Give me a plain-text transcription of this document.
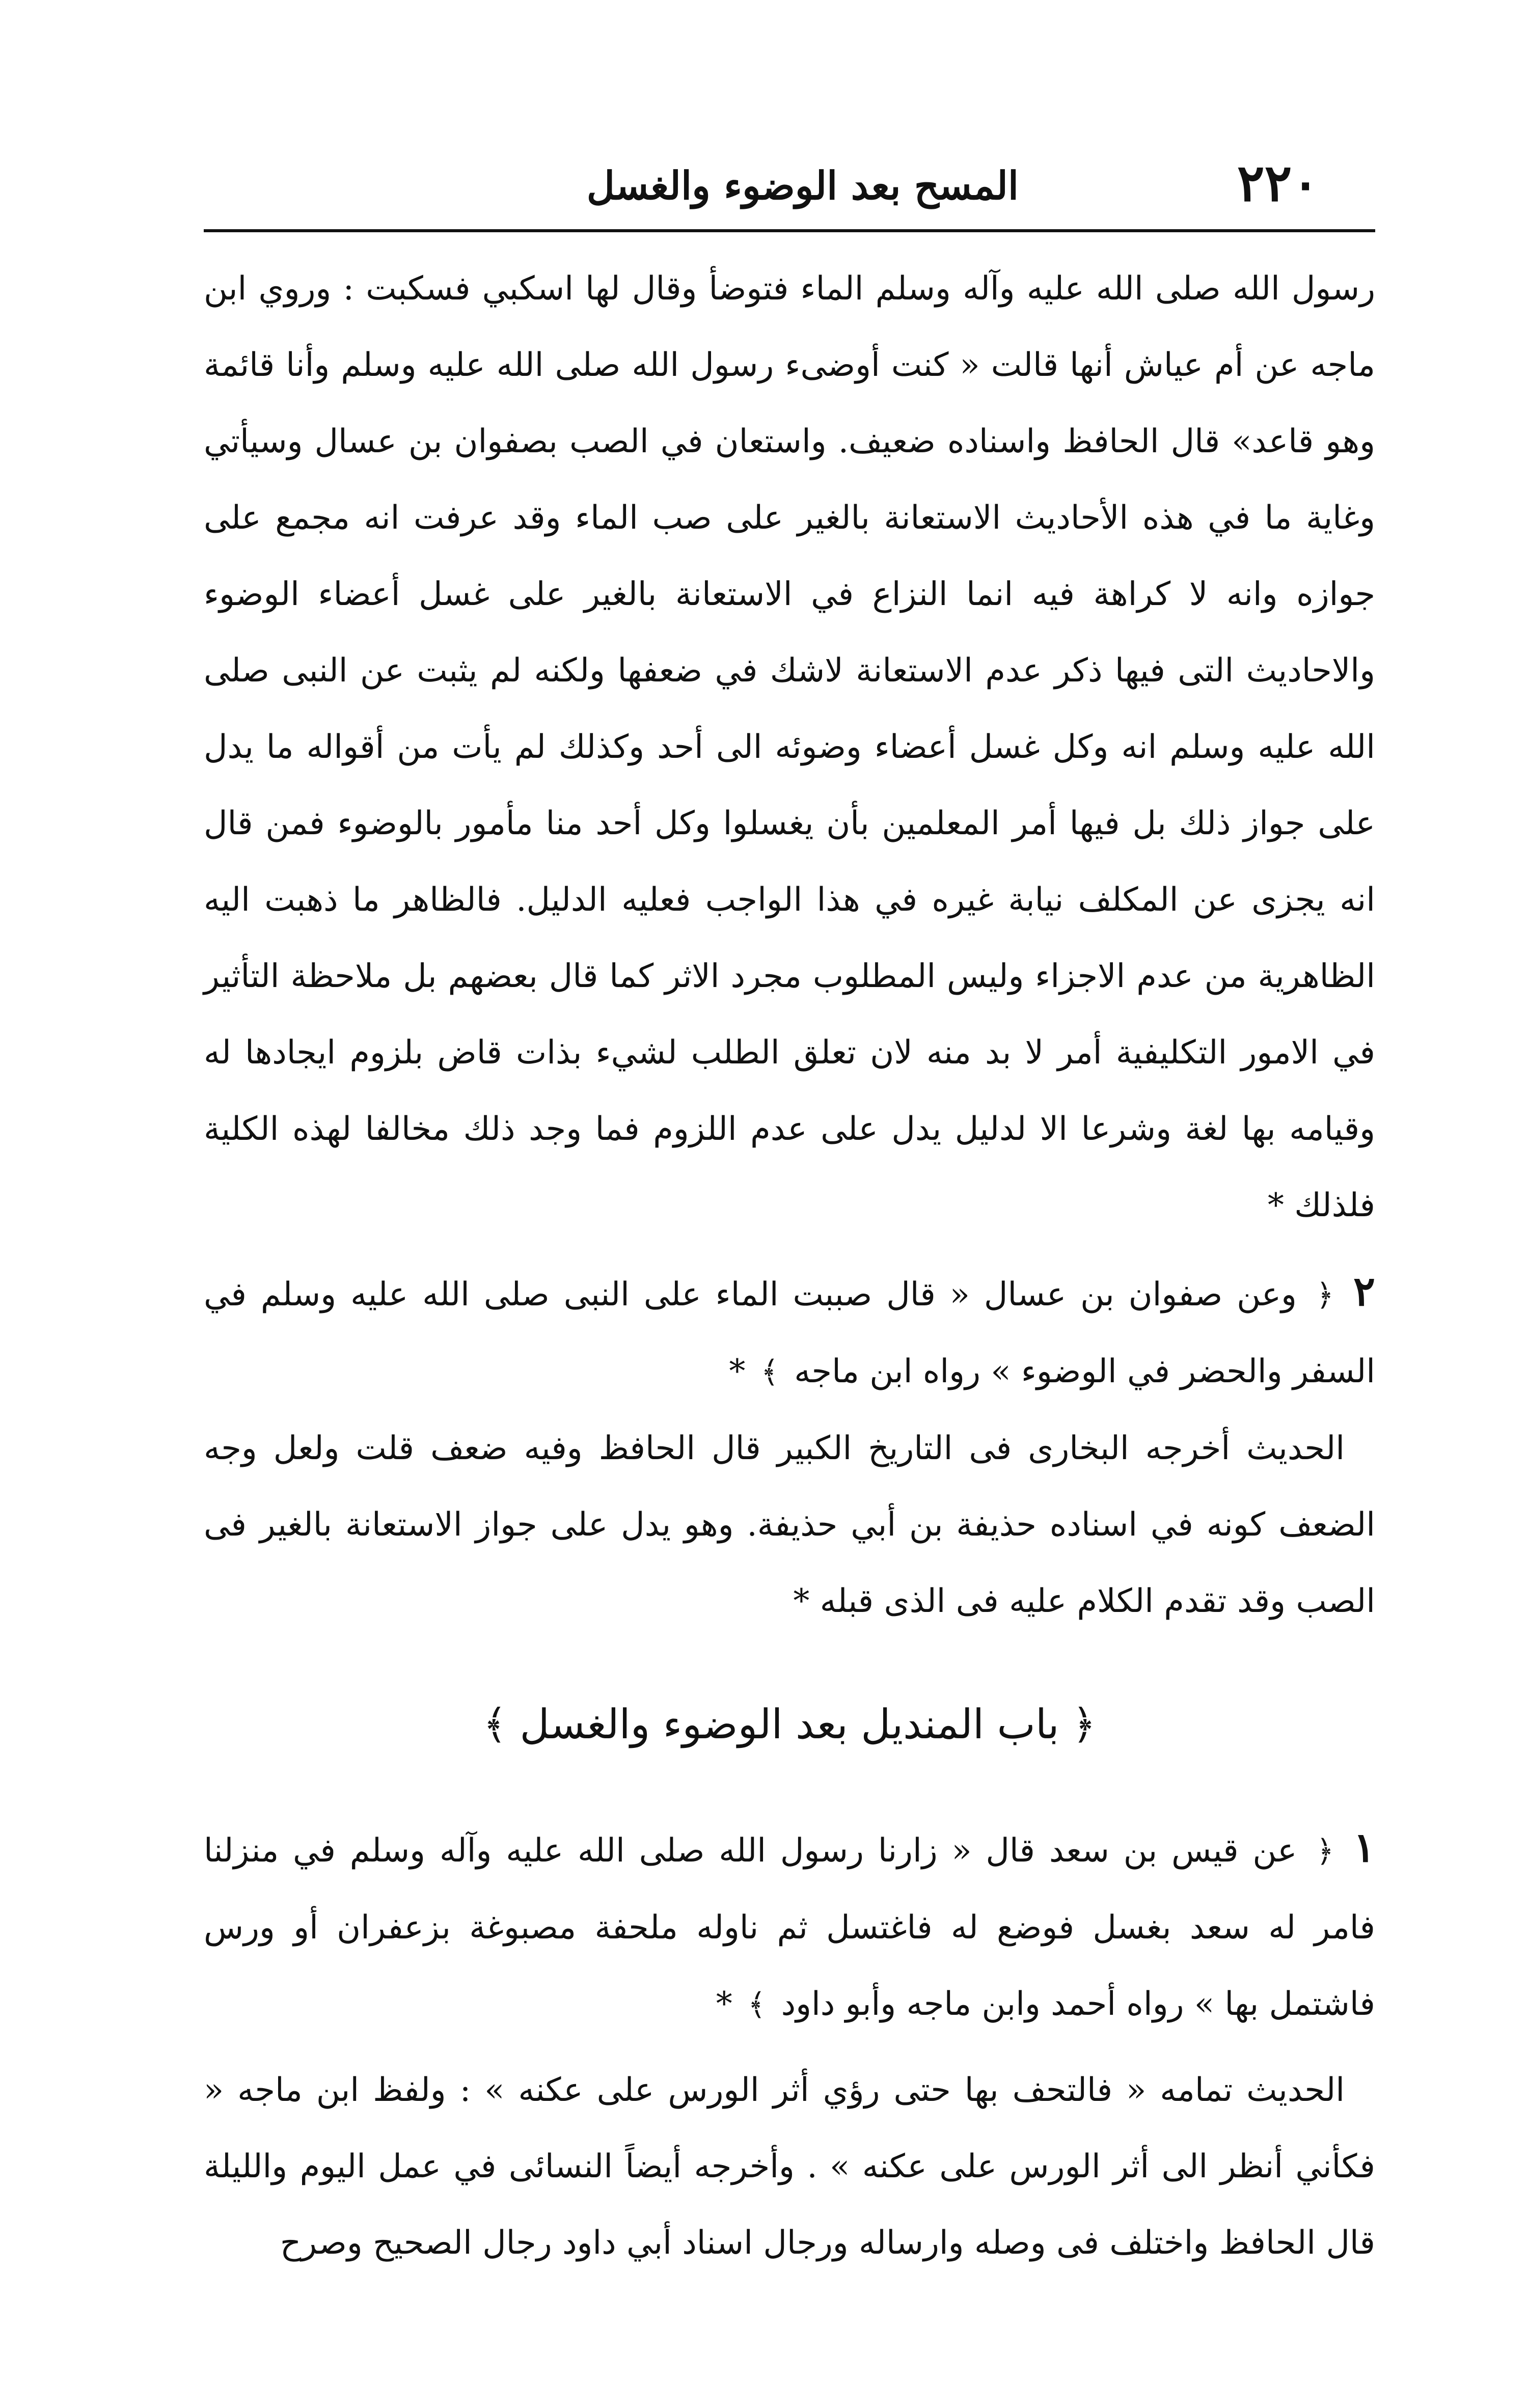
٢٢٠
المسح بعد الوضوء والغسل

رسول الله صلى الله عليه وآله وسلم الماء فتوضأ وقال لها اسكبي فسكبت : وروي ابن ماجه عن أم عياش أنها قالت « كنت أوضىء رسول الله صلى الله عليه وسلم وأنا قائمة وهو قاعد» قال الحافظ واسناده ضعيف. واستعان في الصب بصفوان بن عسال وسيأتي وغاية ما في هذه الأحاديث الاستعانة بالغير على صب الماء وقد عرفت انه مجمع على جوازه وانه لا كراهة فيه انما النزاع في الاستعانة بالغير على غسل أعضاء الوضوء والاحاديث التى فيها ذكر عدم الاستعانة لاشك في ضعفها ولكنه لم يثبت عن النبى صلى الله عليه وسلم انه وكل غسل أعضاء وضوئه الى أحد وكذلك لم يأت من أقواله ما يدل على جواز ذلك بل فيها أمر المعلمين بأن يغسلوا وكل أحد منا مأمور بالوضوء فمن قال انه يجزى عن المكلف نيابة غيره في هذا الواجب فعليه الدليل. فالظاهر ما ذهبت اليه الظاهرية من عدم الاجزاء وليس المطلوب مجرد الاثر كما قال بعضهم بل ملاحظة التأثير في الامور التكليفية أمر لا بد منه لان تعلق الطلب لشيء بذات قاض بلزوم ايجادها له وقيامه بها لغة وشرعا الا لدليل يدل على عدم اللزوم فما وجد ذلك مخالفا لهذه الكلية فلذلك *

٢ ﴿ وعن صفوان بن عسال « قال صببت الماء على النبى صلى الله عليه وسلم في السفر والحضر في الوضوء » رواه ابن ماجه ﴾ *

الحديث أخرجه البخارى فى التاريخ الكبير قال الحافظ وفيه ضعف قلت ولعل وجه الضعف كونه في اسناده حذيفة بن أبي حذيفة. وهو يدل على جواز الاستعانة بالغير فى الصب وقد تقدم الكلام عليه فى الذى قبله *

﴿ باب المنديل بعد الوضوء والغسل ﴾

١ ﴿ عن قيس بن سعد قال « زارنا رسول الله صلى الله عليه وآله وسلم في منزلنا فامر له سعد بغسل فوضع له فاغتسل ثم ناوله ملحفة مصبوغة بزعفران أو ورس فاشتمل بها » رواه أحمد وابن ماجه وأبو داود ﴾ *

الحديث تمامه « فالتحف بها حتى رؤي أثر الورس على عكنه » : ولفظ ابن ماجه « فكأني أنظر الى أثر الورس على عكنه » . وأخرجه أيضاً النسائى في عمل اليوم والليلة قال الحافظ واختلف فى وصله وارساله ورجال اسناد أبي داود رجال الصحيح وصرح
